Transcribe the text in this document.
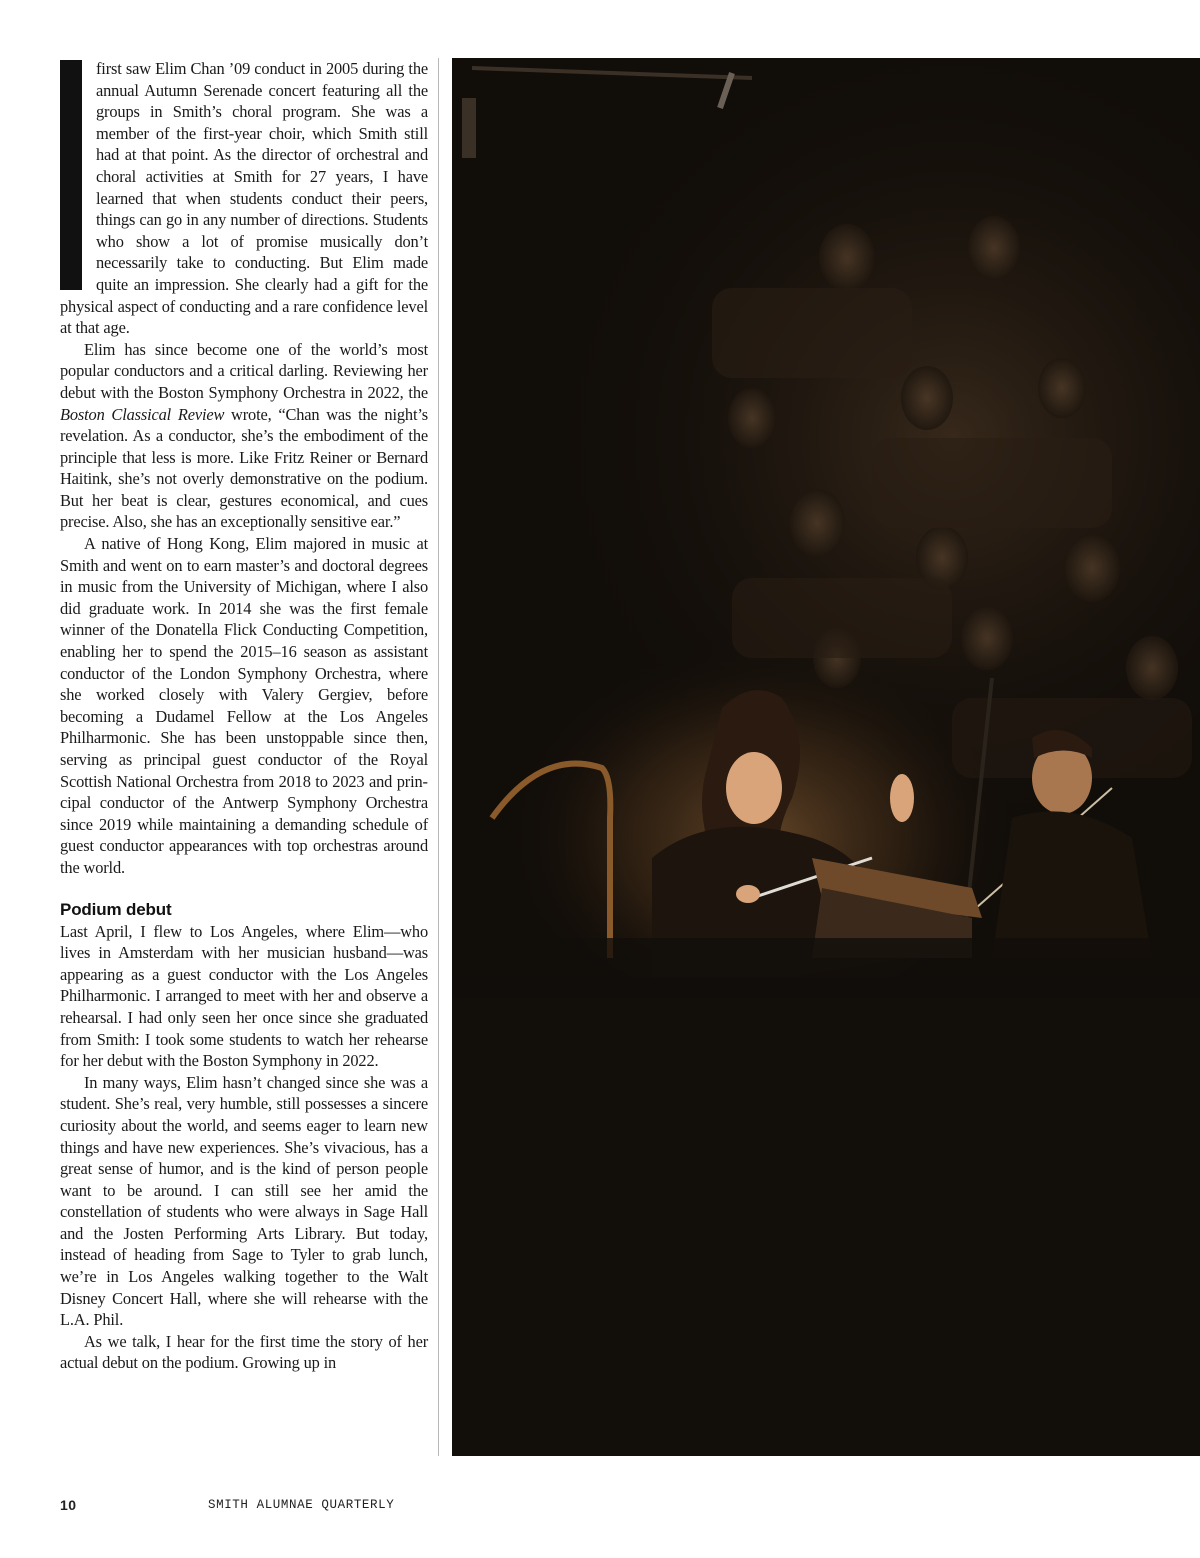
first saw Elim Chan ’09 conduct in 2005 during the annual Autumn Serenade concert featuring all the groups in Smith’s choral program. She was a member of the first-year choir, which Smith still had at that point. As the director of orchestral and choral activities at Smith for 27 years, I have learned that when students conduct their peers, things can go in any number of directions. Students who show a lot of promise musically don’t necessarily take to conducting. But Elim made quite an impression. She clearly had a gift for the physical aspect of conducting and a rare confidence level at that age.

Elim has since become one of the world’s most popular conductors and a critical darling. Reviewing her debut with the Boston Symphony Orchestra in 2022, the Boston Classical Review wrote, “Chan was the night’s revelation. As a conductor, she’s the embodiment of the principle that less is more. Like Fritz Reiner or Bernard Haitink, she’s not overly demonstrative on the podium. But her beat is clear, gestures economical, and cues precise. Also, she has an exceptionally sensitive ear.”

A native of Hong Kong, Elim majored in music at Smith and went on to earn master’s and doctoral degrees in music from the University of Michigan, where I also did graduate work. In 2014 she was the first female winner of the Donatella Flick Conducting Competition, enabling her to spend the 2015–16 season as assistant conductor of the London Symphony Orchestra, where she worked closely with Valery Gergiev, before becoming a Dudamel Fellow at the Los Angeles Philharmonic. She has been unstoppable since then, serving as principal guest conductor of the Royal Scottish National Orchestra from 2018 to 2023 and principal conductor of the Antwerp Symphony Orchestra since 2019 while maintaining a demanding schedule of guest conductor appearances with top orchestras around the world.

Podium debut

Last April, I flew to Los Angeles, where Elim—who lives in Amsterdam with her musician husband—was appearing as a guest conductor with the Los Angeles Philharmonic. I arranged to meet with her and observe a rehearsal. I had only seen her once since she graduated from Smith: I took some students to watch her rehearse for her debut with the Boston Symphony in 2022.

In many ways, Elim hasn’t changed since she was a student. She’s real, very humble, still possesses a sincere curiosity about the world, and seems eager to learn new things and have new experiences. She’s vivacious, has a great sense of humor, and is the kind of person people want to be around. I can still see her amid the constellation of students who were always in Sage Hall and the Josten Performing Arts Library. But today, instead of heading from Sage to Tyler to grab lunch, we’re in Los Angeles walking together to the Walt Disney Concert Hall, where she will rehearse with the L.A. Phil.

As we talk, I hear for the first time the story of her actual debut on the podium. Growing up in

10	SMITH ALUMNAE QUARTERLY
